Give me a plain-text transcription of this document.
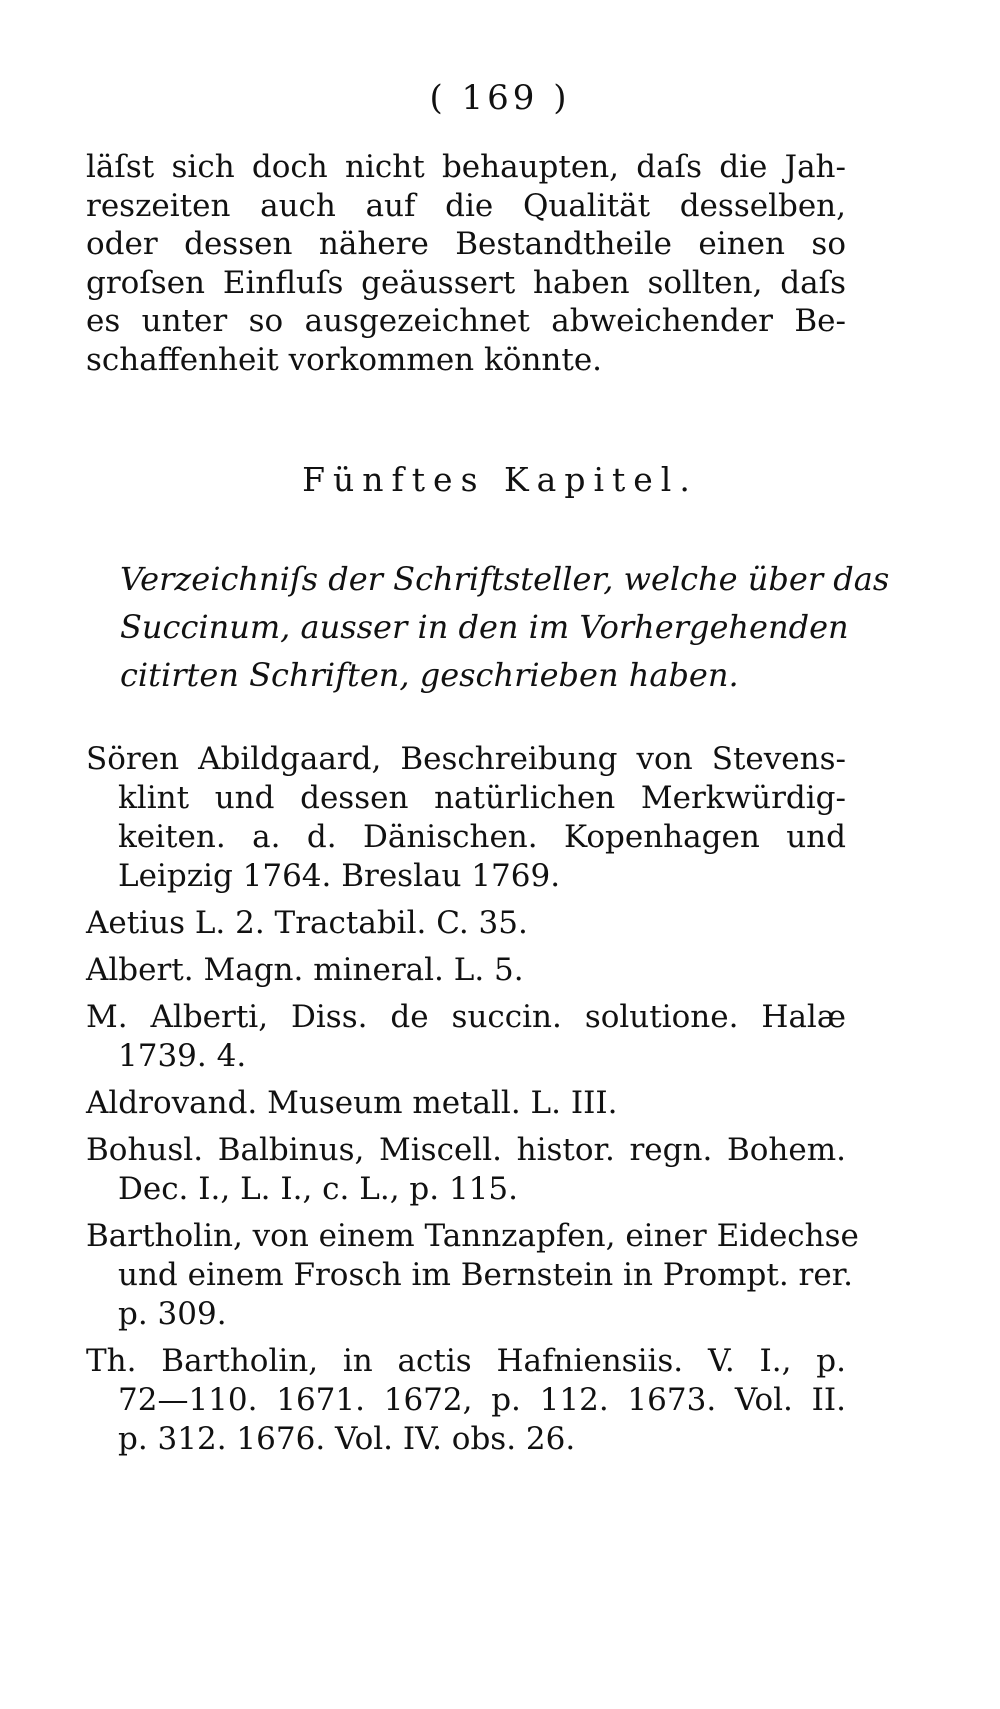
( 169 )
läſst sich doch nicht behaupten, daſs die Jah-
reszeiten auch auf die Qualität desselben,
oder dessen nähere Bestandtheile einen so
groſsen Einfluſs geäussert haben sollten, daſs
es unter so ausgezeichnet abweichender Be-
schaffenheit vorkommen könnte.
Fünftes Kapitel.
Verzeichniſs der Schriftsteller, welche über das
Succinum, ausser in den im Vorhergehenden
citirten Schriften, geschrieben haben.
Sören Abildgaard, Beschreibung von Stevens-
klint und dessen natürlichen Merkwürdig-
keiten. a. d. Dänischen. Kopenhagen und
Leipzig 1764. Breslau 1769.
Aetius L. 2. Tractabil. C. 35.
Albert. Magn. mineral. L. 5.
M. Alberti, Diss. de succin. solutione. Halæ
1739. 4.
Aldrovand. Museum metall. L. III.
Bohusl. Balbinus, Miscell. histor. regn. Bohem.
Dec. I., L. I., c. L., p. 115.
Bartholin, von einem Tannzapfen, einer Eidechse
und einem Frosch im Bernstein in Prompt. rer.
p. 309.
Th. Bartholin, in actis Hafniensiis. V. I., p.
72—110. 1671. 1672, p. 112. 1673. Vol. II.
p. 312. 1676. Vol. IV. obs. 26.
